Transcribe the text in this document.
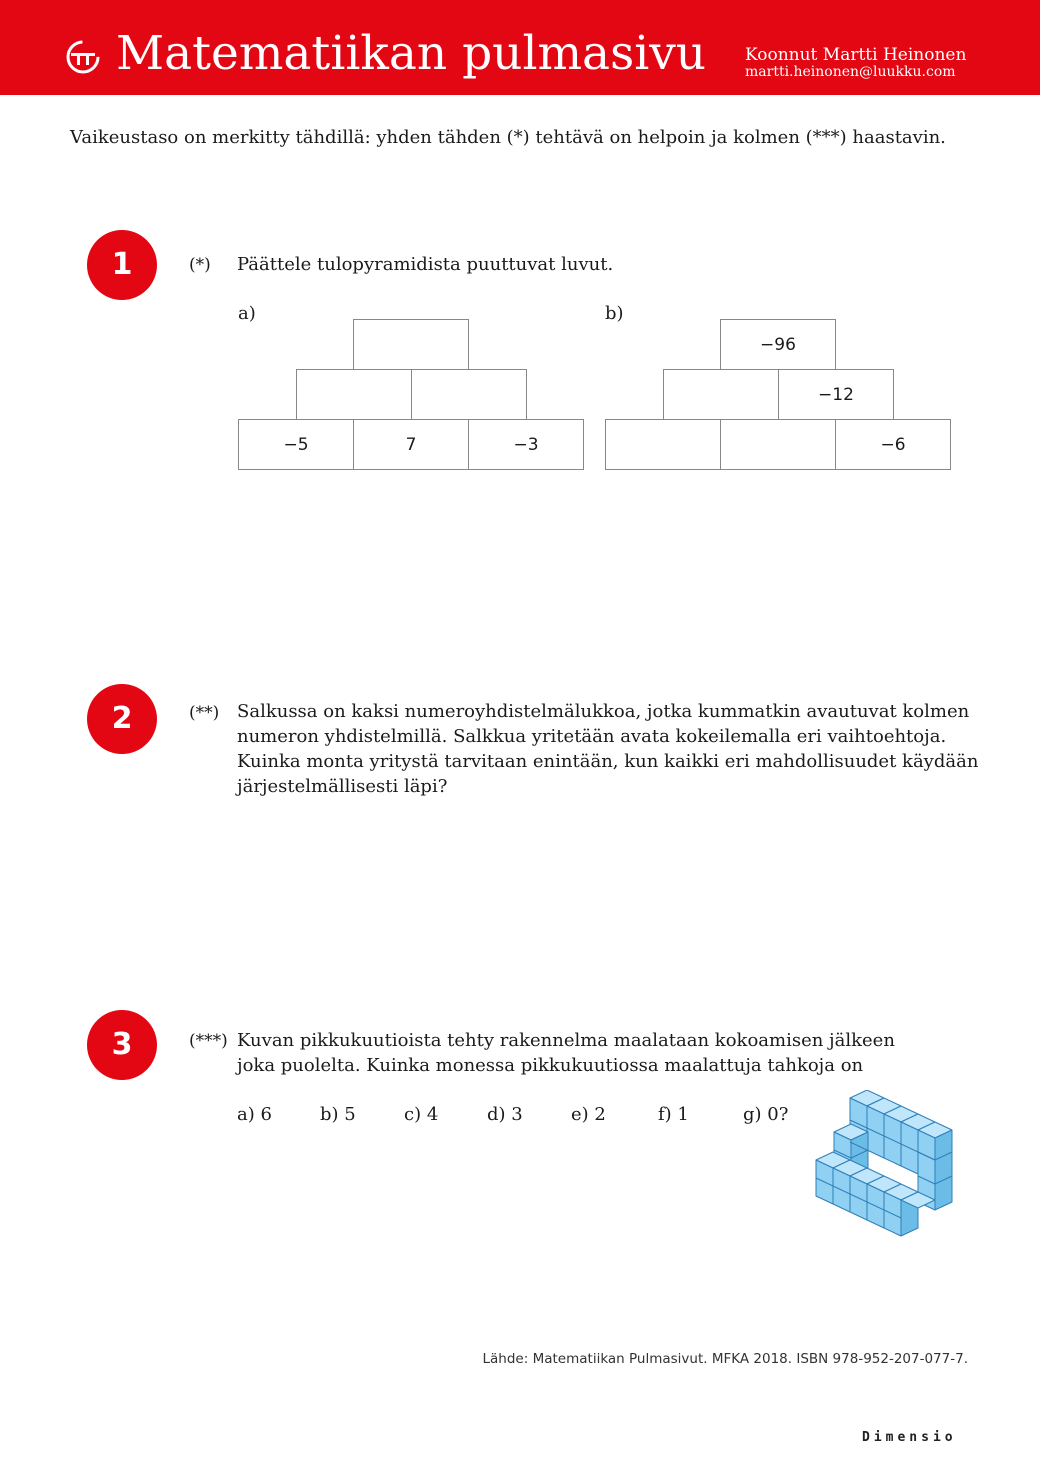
Matematiikan pulmasivu Koonnut Martti Heinonen
martti.heinonen@luukku.com
Vaikeustaso on merkitty tähdillä: yhden tähden (*) tehtävä on helpoin ja kolmen (***) haastavin.
1	(*) Päättele tulopyramidista puuttuvat luvut.
a)
−5	7	−3
b)
−96
−12
−6
2	(**) Salkussa on kaksi numeroyhdistelmälukkoa, jotka kummatkin avautuvat kolmen
numeron yhdistelmillä. Salkkua yritetään avata kokeilemalla eri vaihtoehtoja.
Kuinka monta yritystä tarvitaan enintään, kun kaikki eri mahdollisuudet käydään
järjestelmällisesti läpi?
3	(***) Kuvan pikkukuutioista tehty rakennelma maalataan kokoamisen jälkeen
joka puolelta. Kuinka monessa pikkukuutiossa maalattuja tahkoja on
a) 6	b) 5	c) 4	d) 3	e) 2	f) 1	g) 0?
Lähde: Matematiikan Pulmasivut. MFKA 2018. ISBN 978-952-207-077-7.
Dimensio
